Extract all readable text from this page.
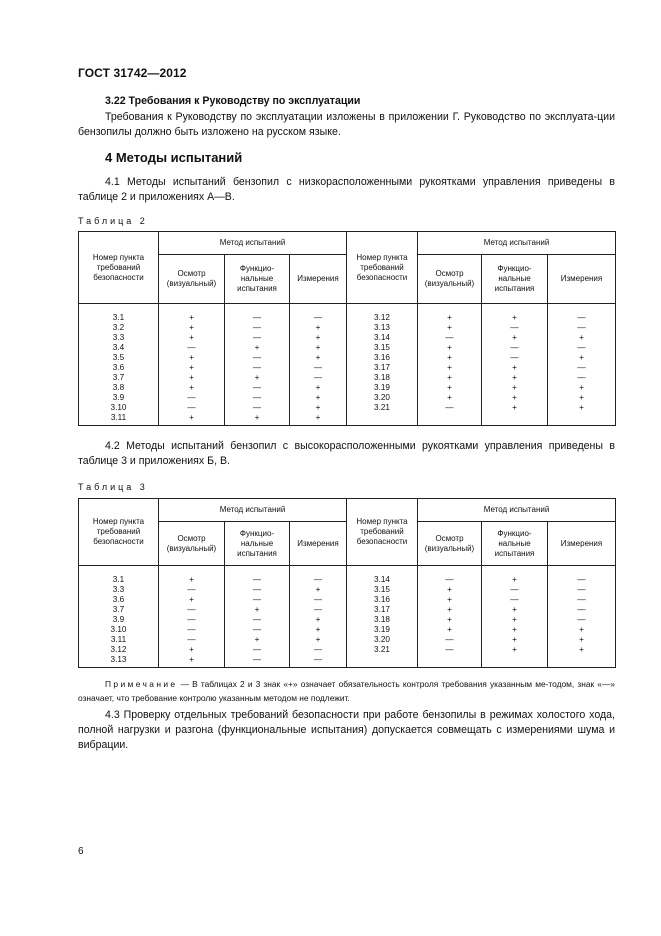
ГОСТ 31742—2012
3.22 Требования к Руководству по эксплуатации
Требования к Руководству по эксплуатации изложены в приложении Г. Руководство по эксплуата-ции бензопилы должно быть изложено на русском языке.
4 Методы испытаний
4.1 Методы испытаний бензопил с низкорасположенными рукоятками управления приведены в таблице 2 и приложениях А—В.
Таблица 2
Номер пункта требований безопасности	Метод испытаний			Номер пункта требований безопасности	Метод испытаний		
	Осмотр (визуальный)	Функцио-нальные испытания	Измерения		Осмотр (визуальный)	Функцио-нальные испытания	Измерения

3.1	+	—	—	3.12	+	+	—
3.2	+	—	+	3.13	+	—	—
3.3	+	—	+	3.14	—	+	+
3.4	—	+	+	3.15	+	—	—
3.5	+	—	+	3.16	+	—	+
3.6	+	—	—	3.17	+	+	—
3.7	+	+	—	3.18	+	+	—
3.8	+	—	+	3.19	+	+	+
3.9	—	—	+	3.20	+	+	+
3.10	—	—	+	3.21	—	+	+
3.11	+	+	+				

4.2 Методы испытаний бензопил с высокорасположенными рукоятками управления приведены в таблице 3 и приложениях Б, В.
Таблица 3
Номер пункта требований безопасности	Метод испытаний			Номер пункта требований безопасности	Метод испытаний		
	Осмотр (визуальный)	Функцио-нальные испытания	Измерения		Осмотр (визуальный)	Функцио-нальные испытания	Измерения

3.1	+	—	—	3.14	—	+	—
3.3	—	—	+	3.15	+	—	—
3.6	+	—	—	3.16	+	—	—
3.7	—	+	—	3.17	+	+	—
3.9	—	—	+	3.18	+	+	—
3.10	—	—	+	3.19	+	+	+
3.11	—	+	+	3.20	—	+	+
3.12	+	—	—	3.21	—	+	+
3.13	+	—	—				

Примечание — В таблицах 2 и 3 знак «+» означает обязательность контроля требования указанным ме-тодом, знак «—» означает, что требование контролю указанным методом не подлежит.
4.3 Проверку отдельных требований безопасности при работе бензопилы в режимах холостого хода, полной нагрузки и разгона (функциональные испытания) допускается совмещать с измерениями шума и вибрации.
6
